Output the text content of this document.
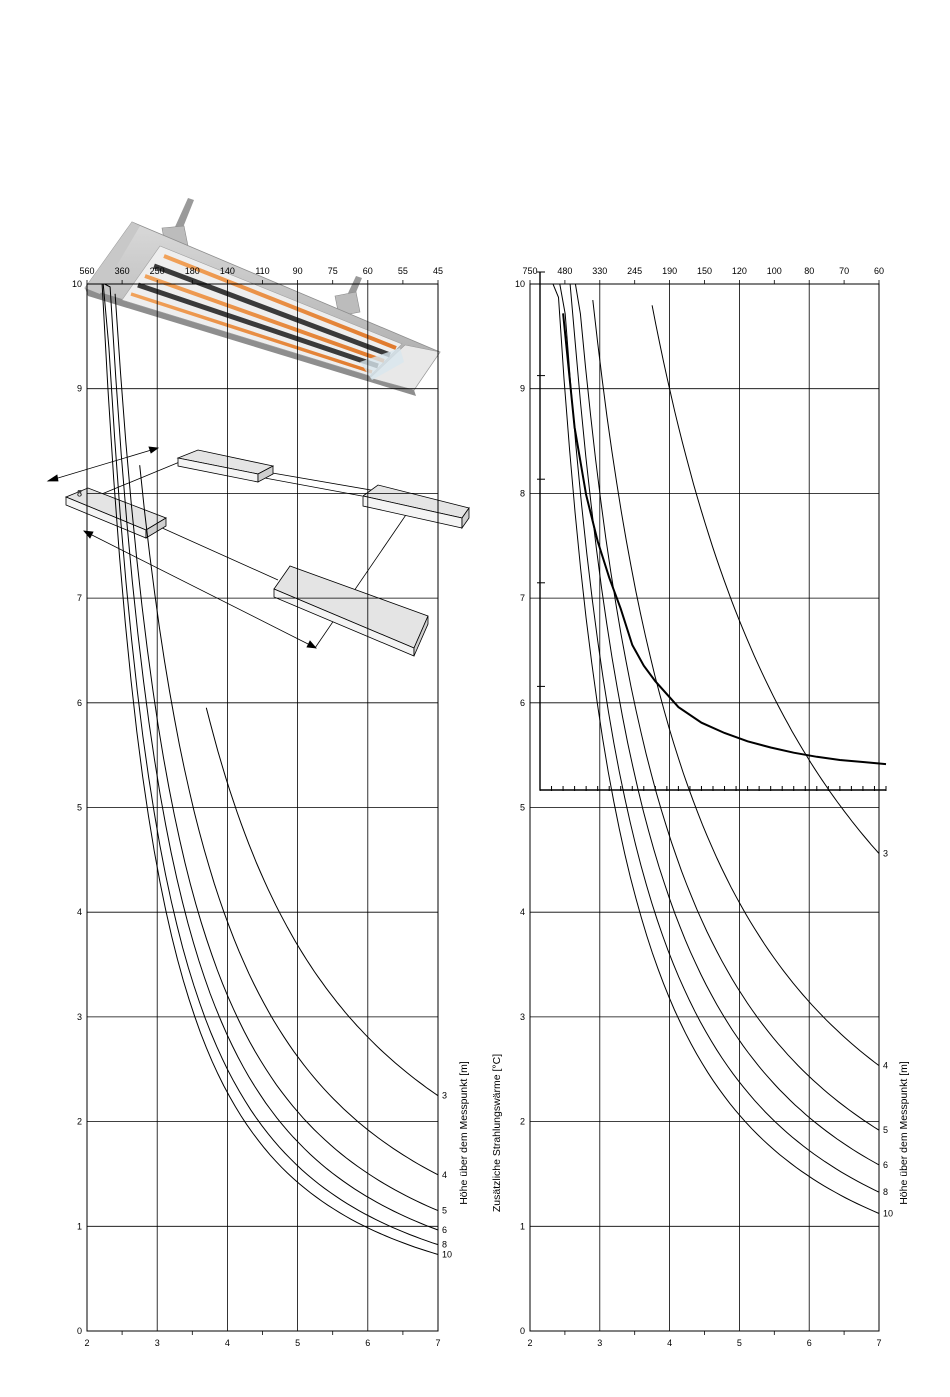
2	3	4	5	6	7
0
1
2
3
4
5
6
7
8
9
10
560 360 250 180 140 110	90	75	60	55	45
3
4
5
6
8
10
Höhe über dem Messpunkt [m]
2	3	4	5	6	7
0
1
2
3
4
5
6
7
8
9
10
750 480 330 245 190 150 120 100 80	70	60
3
4
5
6
8
10
Zusätzliche Strahlungswärme [°C]	Höhe über dem Messpunkt [m]
